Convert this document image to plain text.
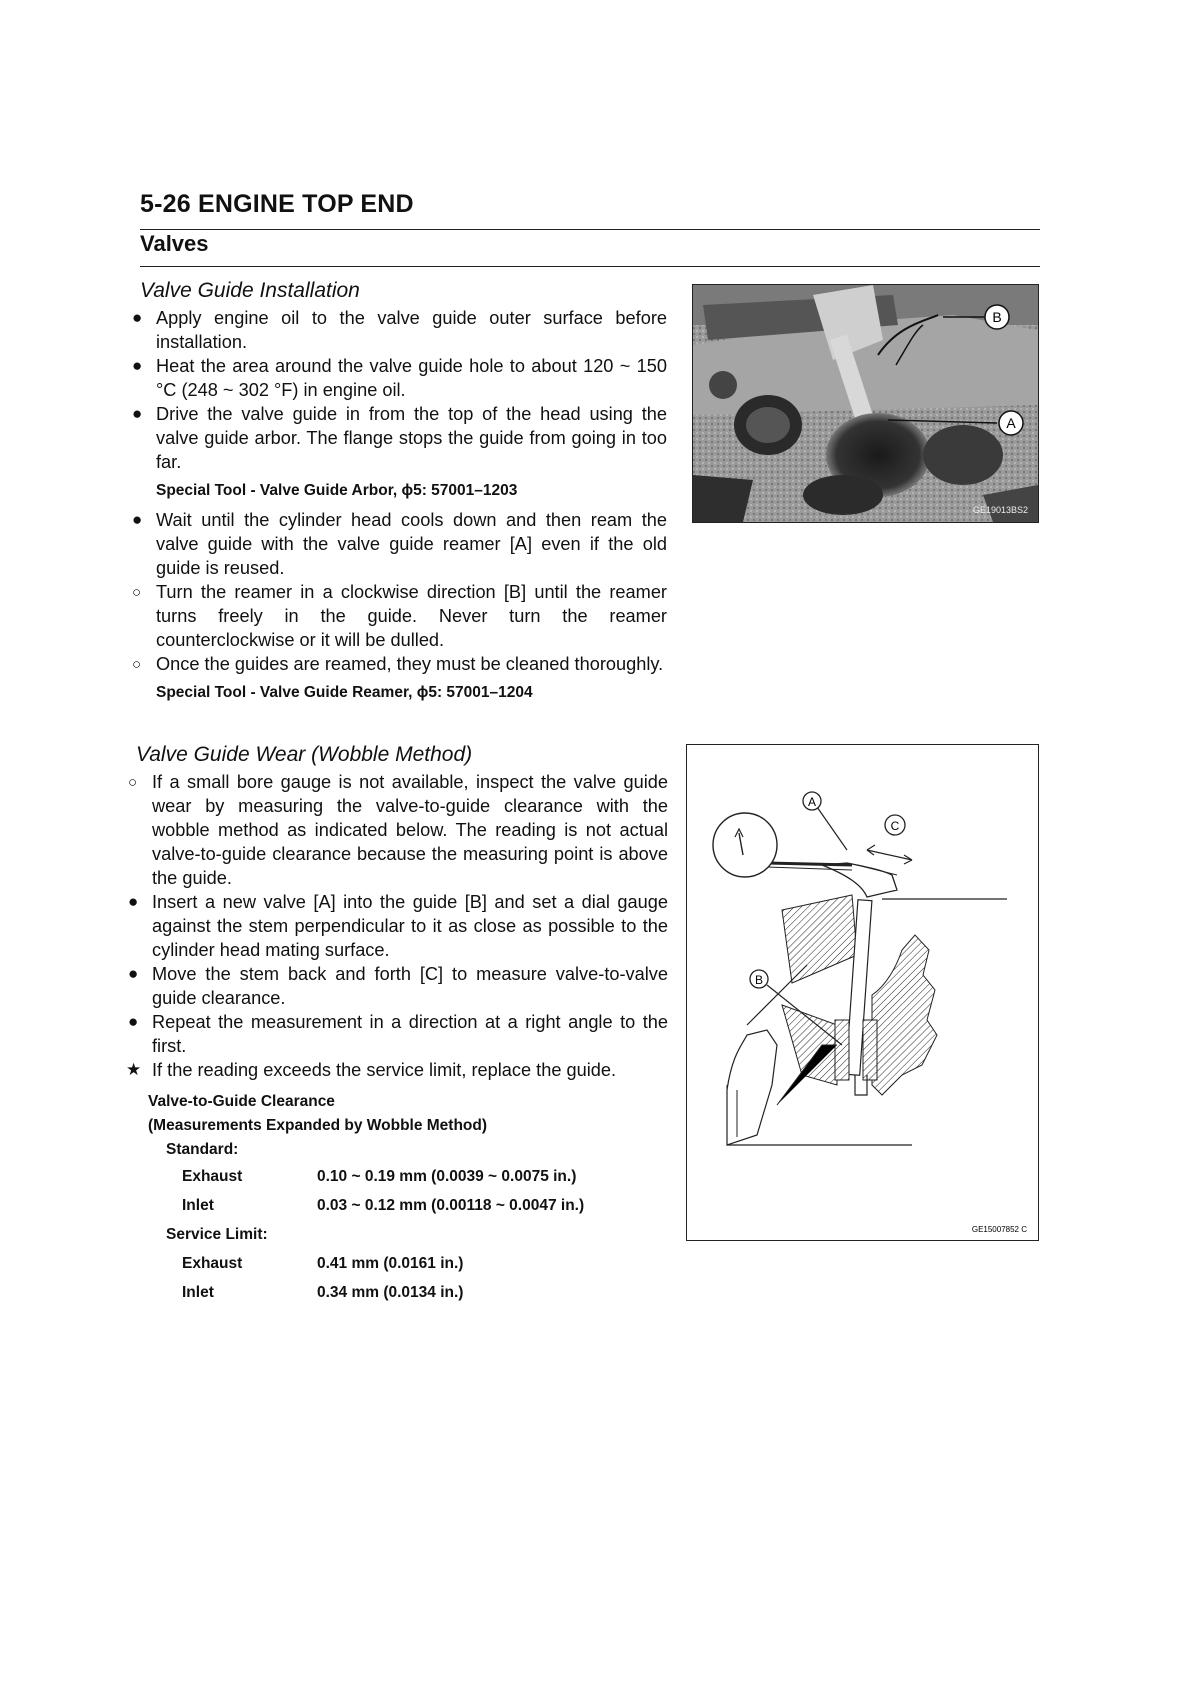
5-26 ENGINE TOP END
Valves
Valve Guide Installation
● Apply engine oil to the valve guide outer surface before installation.
● Heat the area around the valve guide hole to about 120 ~ 150 °C (248 ~ 302 °F) in engine oil.
● Drive the valve guide in from the top of the head using the valve guide arbor. The flange stops the guide from going in too far.
Special Tool - Valve Guide Arbor, ɸ5: 57001–1203
● Wait until the cylinder head cools down and then ream the valve guide with the valve guide reamer [A] even if the old guide is reused.
○ Turn the reamer in a clockwise direction [B] until the reamer turns freely in the guide. Never turn the reamer counterclockwise or it will be dulled.
○ Once the guides are reamed, they must be cleaned thoroughly.
Special Tool - Valve Guide Reamer, ɸ5: 57001–1204
Valve Guide Wear (Wobble Method)
○ If a small bore gauge is not available, inspect the valve guide wear by measuring the valve-to-guide clearance with the wobble method as indicated below. The reading is not actual valve-to-guide clearance because the measuring point is above the guide.
● Insert a new valve [A] into the guide [B] and set a dial gauge against the stem perpendicular to it as close as possible to the cylinder head mating surface.
● Move the stem back and forth [C] to measure valve-to-valve guide clearance.
● Repeat the measurement in a direction at a right angle to the first.
★ If the reading exceeds the service limit, replace the guide.
Valve-to-Guide Clearance
(Measurements Expanded by Wobble Method)
Standard:
Exhaust	0.10 ~ 0.19 mm (0.0039 ~ 0.0075 in.)
Inlet	0.03 ~ 0.12 mm (0.00118 ~ 0.0047 in.)
Service Limit:
Exhaust	0.41 mm (0.0161 in.)
Inlet	0.34 mm (0.0134 in.)
B
A
GE19013BS2
A
B
C
GE15007852 C
